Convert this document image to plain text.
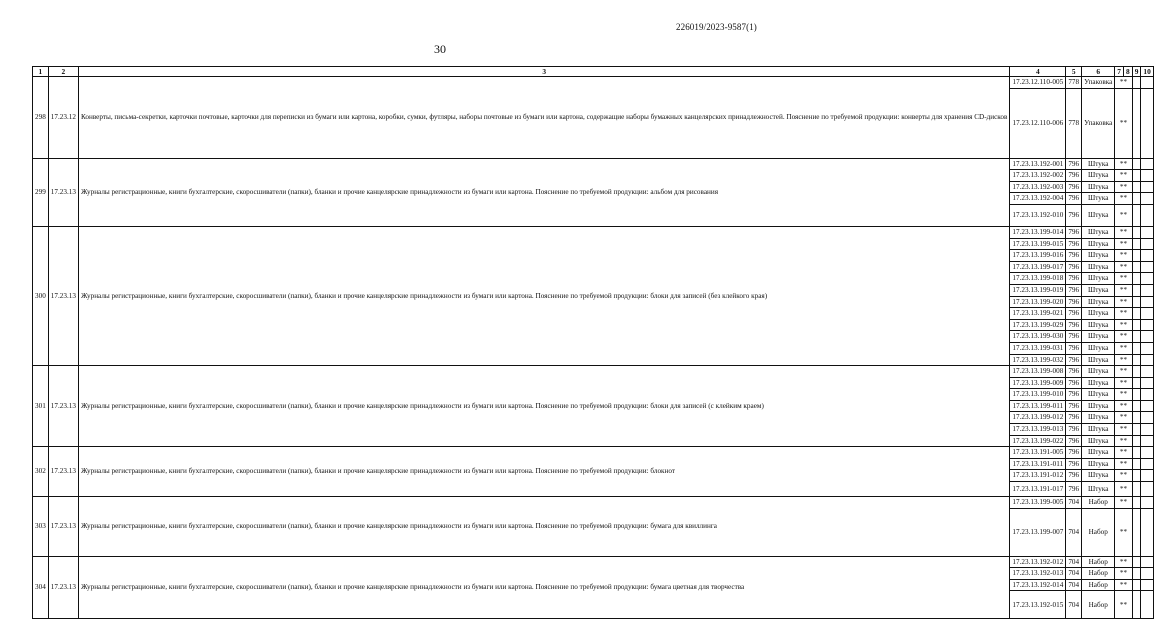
226019/2023-9587(1)
30
1	2	3	4	5	6	7	8	9	10
298	17.23.12	Конверты, письма-секретки, карточки почтовые, карточки для переписки из бумаги или картона, коробки, сумки, футляры, наборы почтовые из бумаги или картона, содержащие наборы бумажных канцелярских принадлежностей. Пояснение по требуемой продукции: конверты для хранения CD-дисков	17.23.12.110-005	778	Упаковка	**			
			17.23.12.110-006	778	Упаковка	**			
299	17.23.13	Журналы регистрационные, книги бухгалтерские, скоросшиватели (папки), бланки и прочие канцелярские принадлежности из бумаги или картона. Пояснение по требуемой продукции: альбом для рисования	17.23.13.192-001	796	Штука	**			
			17.23.13.192-002	796	Штука	**			
			17.23.13.192-003	796	Штука	**			
			17.23.13.192-004	796	Штука	**			
			17.23.13.192-010	796	Штука	**			
300	17.23.13	Журналы регистрационные, книги бухгалтерские, скоросшиватели (папки), бланки и прочие канцелярские принадлежности из бумаги или картона. Пояснение по требуемой продукции: блоки для записей (без клейкого края)	17.23.13.199-014	796	Штука	**			
			17.23.13.199-015	796	Штука	**			
			17.23.13.199-016	796	Штука	**			
			17.23.13.199-017	796	Штука	**			
			17.23.13.199-018	796	Штука	**			
			17.23.13.199-019	796	Штука	**			
			17.23.13.199-020	796	Штука	**			
			17.23.13.199-021	796	Штука	**			
			17.23.13.199-029	796	Штука	**			
			17.23.13.199-030	796	Штука	**			
			17.23.13.199-031	796	Штука	**			
			17.23.13.199-032	796	Штука	**			
301	17.23.13	Журналы регистрационные, книги бухгалтерские, скоросшиватели (папки), бланки и прочие канцелярские принадлежности из бумаги или картона. Пояснение по требуемой продукции: блоки для записей (с клейким краем)	17.23.13.199-008	796	Штука	**			
			17.23.13.199-009	796	Штука	**			
			17.23.13.199-010	796	Штука	**			
			17.23.13.199-011	796	Штука	**			
			17.23.13.199-012	796	Штука	**			
			17.23.13.199-013	796	Штука	**			
			17.23.13.199-022	796	Штука	**			
302	17.23.13	Журналы регистрационные, книги бухгалтерские, скоросшиватели (папки), бланки и прочие канцелярские принадлежности из бумаги или картона. Пояснение по требуемой продукции: блокнот	17.23.13.191-005	796	Штука	**			
			17.23.13.191-011	796	Штука	**			
			17.23.13.191-012	796	Штука	**			
			17.23.13.191-017	796	Штука	**			
303	17.23.13	Журналы регистрационные, книги бухгалтерские, скоросшиватели (папки), бланки и прочие канцелярские принадлежности из бумаги или картона. Пояснение по требуемой продукции: бумага для квиллинга	17.23.13.199-005	704	Набор	**			
			17.23.13.199-007	704	Набор	**			
304	17.23.13	Журналы регистрационные, книги бухгалтерские, скоросшиватели (папки), бланки и прочие канцелярские принадлежности из бумаги или картона. Пояснение по требуемой продукции: бумага цветная для творчества	17.23.13.192-012	704	Набор	**			
			17.23.13.192-013	704	Набор	**			
			17.23.13.192-014	704	Набор	**			
			17.23.13.192-015	704	Набор	**			
